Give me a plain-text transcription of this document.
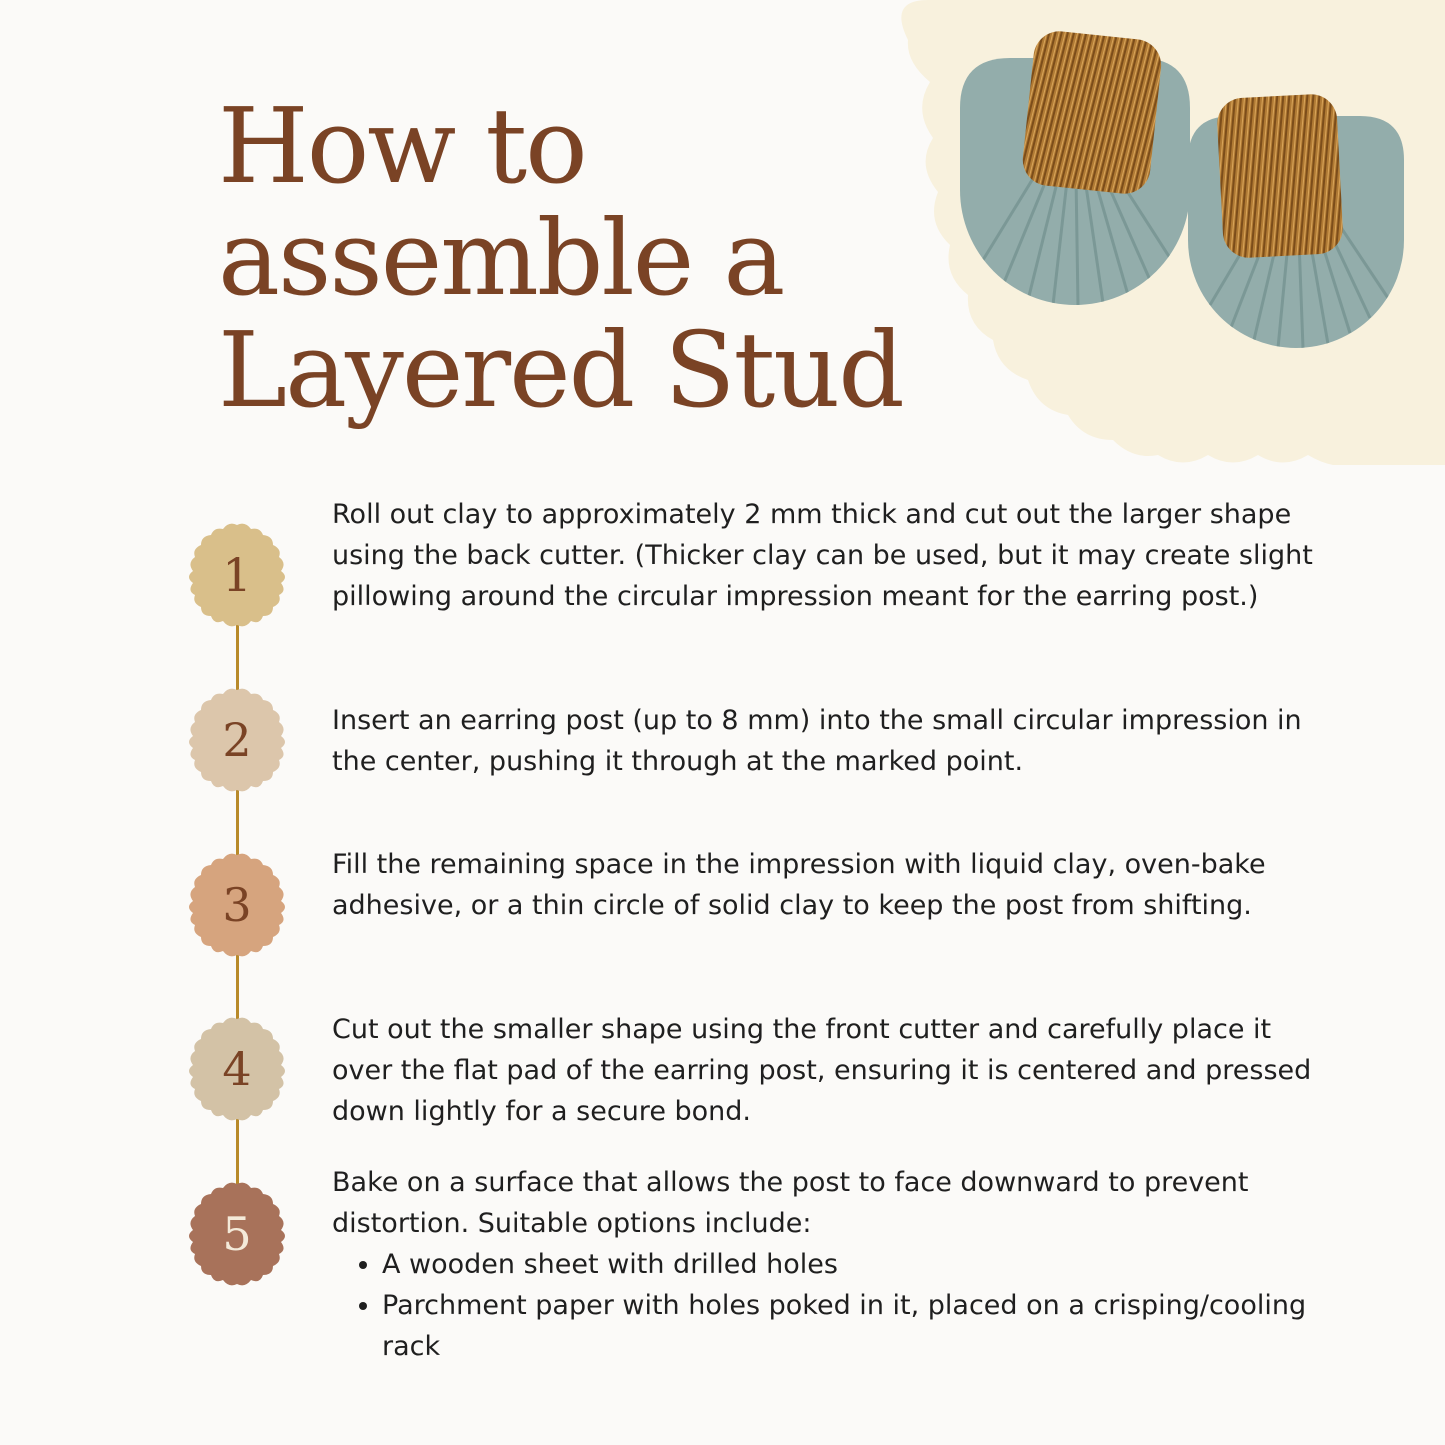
How to
assemble a
Layered Stud
1
2
3
4
5

Roll out clay to approximately 2 mm thick and cut out the larger shape using the back cutter. (Thicker clay can be used, but it may create slight pillowing around the circular impression meant for the earring post.)

Insert an earring post (up to 8 mm) into the small circular impression in the center, pushing it through at the marked point.

Fill the remaining space in the impression with liquid clay, oven-bake adhesive, or a thin circle of solid clay to keep the post from shifting.

Cut out the smaller shape using the front cutter and carefully place it over the flat pad of the earring post, ensuring it is centered and pressed down lightly for a secure bond.

Bake on a surface that allows the post to face downward to prevent distortion. Suitable options include:
• A wooden sheet with drilled holes
• Parchment paper with holes poked in it, placed on a crisping/cooling rack
